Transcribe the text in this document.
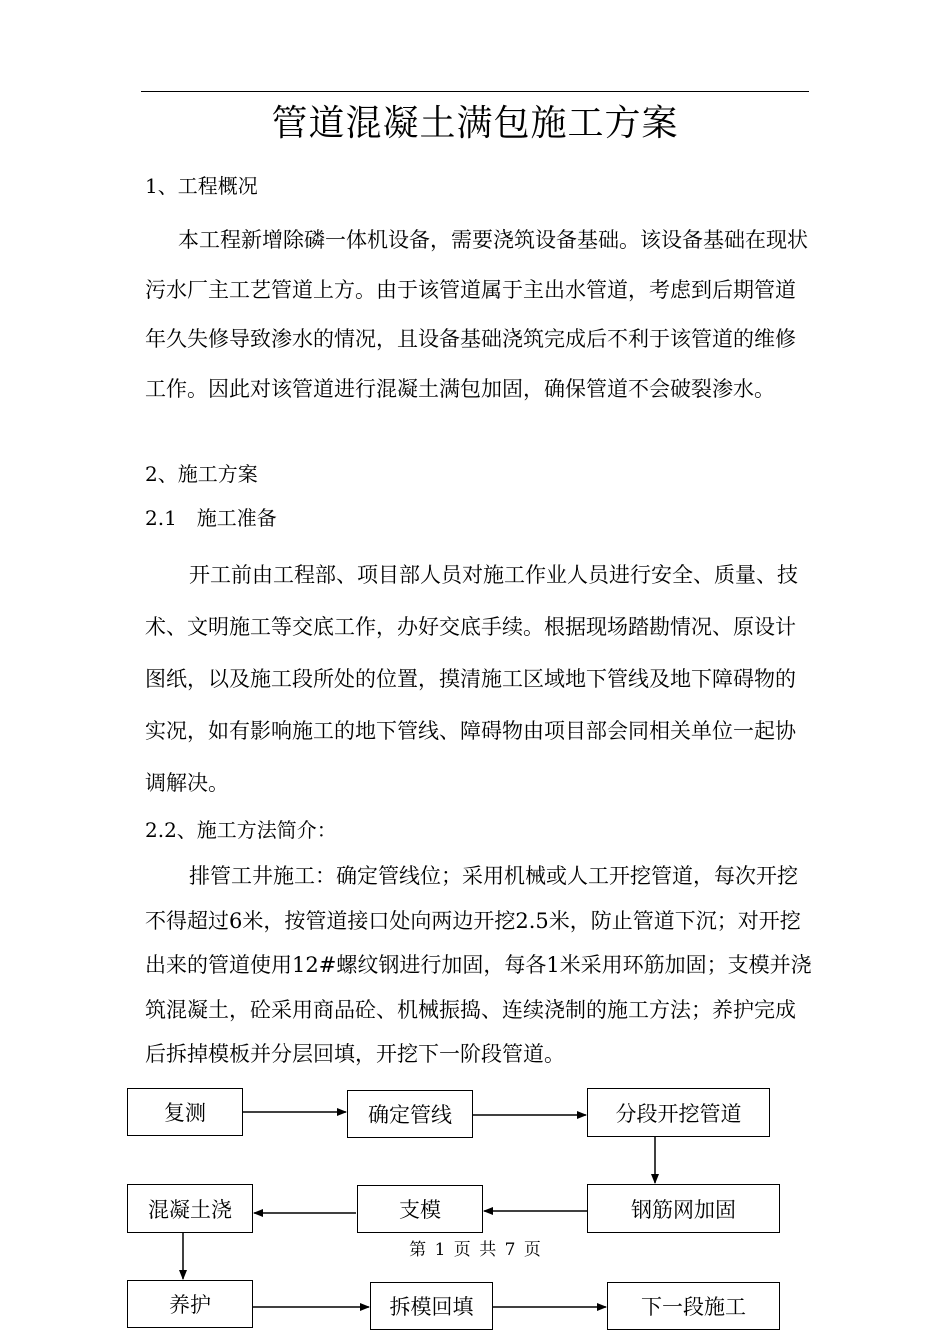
管道混凝土满包施工方案
1、工程概况
本工程新增除磷一体机设备，需要浇筑设备基础。该设备基础在现状污水厂主工艺管道上方。由于该管道属于主出水管道，考虑到后期管道年久失修导致渗水的情况，且设备基础浇筑完成后不利于该管道的维修工作。因此对该管道进行混凝土满包加固，确保管道不会破裂渗水。
2、施工方案
2.1　施工准备
开工前由工程部、项目部人员对施工作业人员进行安全、质量、技术、文明施工等交底工作，办好交底手续。根据现场踏勘情况、原设计图纸，以及施工段所处的位置，摸清施工区域地下管线及地下障碍物的实况，如有影响施工的地下管线、障碍物由项目部会同相关单位一起协调解决。
2.2、施工方法简介：
排管工井施工：确定管线位；采用机械或人工开挖管道，每次开挖不得超过6米，按管道接口处向两边开挖2.5米，防止管道下沉；对开挖出来的管道使用12#螺纹钢进行加固，每各1米采用环筋加固；支模并浇筑混凝土，砼采用商品砼、机械振捣、连续浇制的施工方法；养护完成后拆掉模板并分层回填，开挖下一阶段管道。
复测	确定管线	分段开挖管道
钢筋网加固
支模
混凝土浇
养护	拆模回填	下一段施工
第 1 页 共 7 页
